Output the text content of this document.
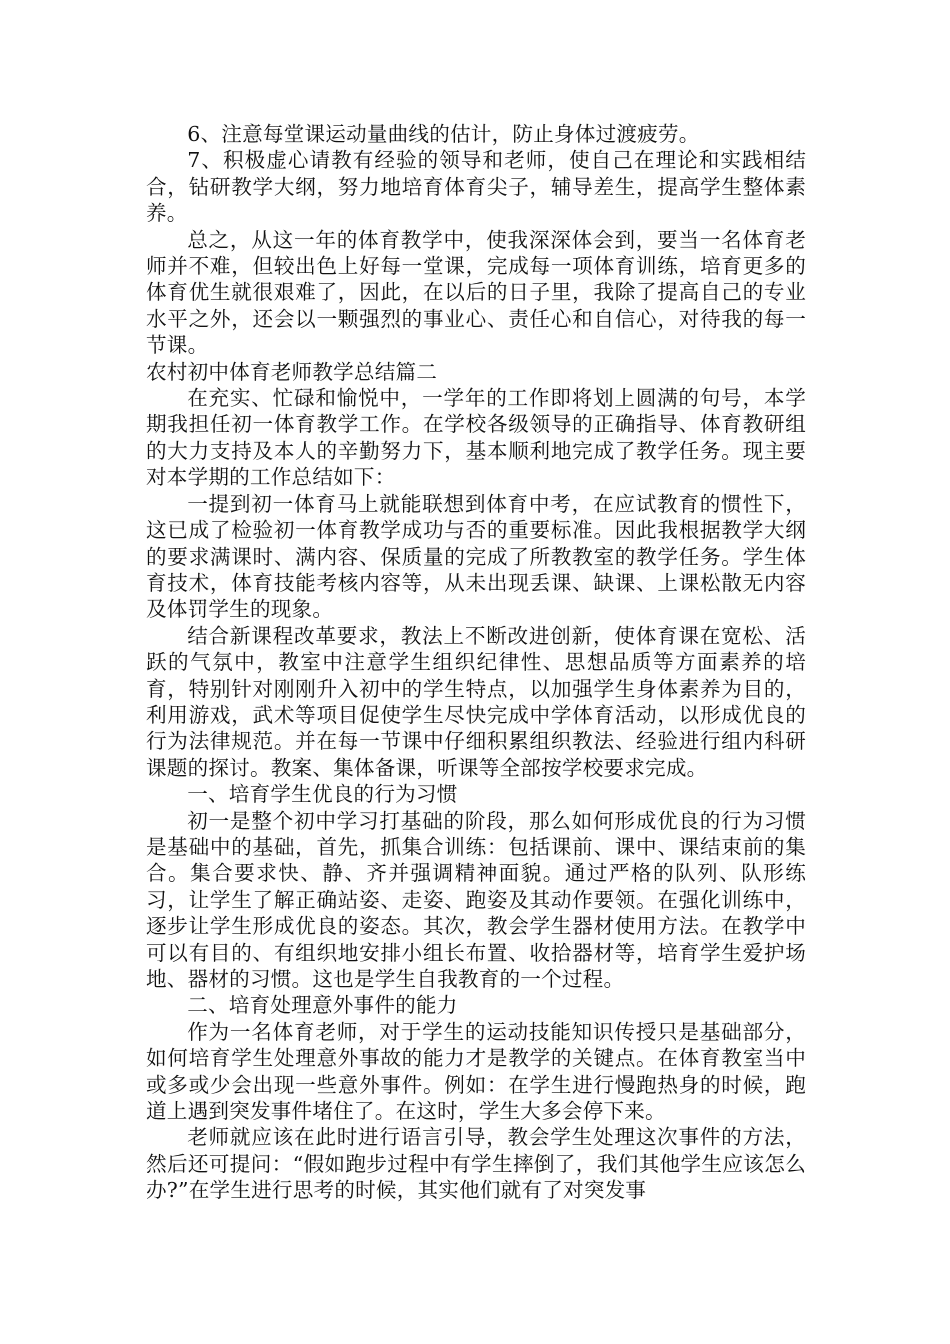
6、注意每堂课运动量曲线的估计，防止身体过渡疲劳。

7、积极虚心请教有经验的领导和老师，使自己在理论和实践相结合，钻研教学大纲，努力地培育体育尖子，辅导差生，提高学生整体素养。

总之，从这一年的体育教学中，使我深深体会到，要当一名体育老师并不难，但较出色上好每一堂课，完成每一项体育训练，培育更多的体育优生就很艰难了，因此，在以后的日子里，我除了提高自己的专业水平之外，还会以一颗强烈的事业心、责任心和自信心，对待我的每一节课。

农村初中体育老师教学总结篇二

在充实、忙碌和愉悦中，一学年的工作即将划上圆满的句号，本学期我担任初一体育教学工作。在学校各级领导的正确指导、体育教研组的大力支持及本人的辛勤努力下，基本顺利地完成了教学任务。现主要对本学期的工作总结如下：

一提到初一体育马上就能联想到体育中考，在应试教育的惯性下，这已成了检验初一体育教学成功与否的重要标准。因此我根据教学大纲的要求满课时、满内容、保质量的完成了所教教室的教学任务。学生体育技术，体育技能考核内容等，从未出现丢课、缺课、上课松散无内容及体罚学生的现象。

结合新课程改革要求，教法上不断改进创新，使体育课在宽松、活跃的气氛中，教室中注意学生组织纪律性、思想品质等方面素养的培育，特别针对刚刚升入初中的学生特点，以加强学生身体素养为目的，利用游戏，武术等项目促使学生尽快完成中学体育活动，以形成优良的行为法律规范。并在每一节课中仔细积累组织教法、经验进行组内科研课题的探讨。教案、集体备课，听课等全部按学校要求完成。

一、培育学生优良的行为习惯

初一是整个初中学习打基础的阶段，那么如何形成优良的行为习惯是基础中的基础，首先，抓集合训练：包括课前、课中、课结束前的集合。集合要求快、静、齐并强调精神面貌。通过严格的队列、队形练习，让学生了解正确站姿、走姿、跑姿及其动作要领。在强化训练中，逐步让学生形成优良的姿态。其次，教会学生器材使用方法。在教学中可以有目的、有组织地安排小组长布置、收拾器材等，培育学生爱护场地、器材的习惯。这也是学生自我教育的一个过程。

二、培育处理意外事件的能力

作为一名体育老师，对于学生的运动技能知识传授只是基础部分，如何培育学生处理意外事故的能力才是教学的关键点。在体育教室当中或多或少会出现一些意外事件。例如：在学生进行慢跑热身的时候，跑道上遇到突发事件堵住了。在这时，学生大多会停下来。

老师就应该在此时进行语言引导，教会学生处理这次事件的方法，然后还可提问：“假如跑步过程中有学生摔倒了，我们其他学生应该怎么办?”在学生进行思考的时候，其实他们就有了对突发事
